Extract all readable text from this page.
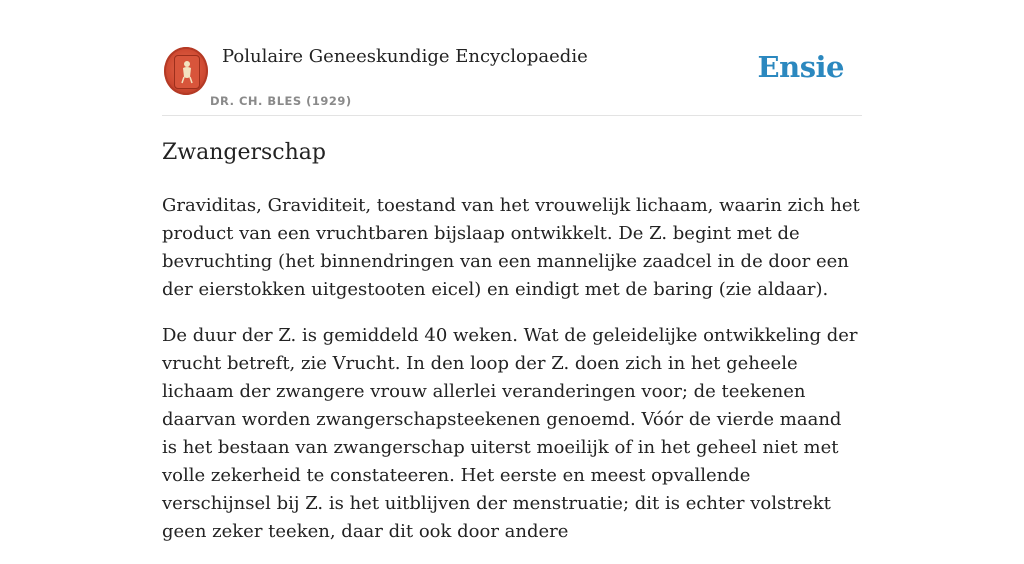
Polulaire Geneeskundige Encyclopaedie
DR. CH. BLES (1929)
Ensie
Zwangerschap

Graviditas, Graviditeit, toestand van het vrouwelijk lichaam, waarin zich het product van een vruchtbaren bijslaap ontwikkelt. De Z. begint met de bevruchting (het binnendringen van een mannelijke zaadcel in de door een der eierstokken uitgestooten eicel) en eindigt met de baring (zie aldaar).

De duur der Z. is gemiddeld 40 weken. Wat de geleidelijke ontwikkeling der vrucht betreft, zie Vrucht. In den loop der Z. doen zich in het geheele lichaam der zwangere vrouw allerlei veranderingen voor; de teekenen daarvan worden zwangerschapsteekenen genoemd. Vóór de vierde maand is het bestaan van zwangerschap uiterst moeilijk of in het geheel niet met volle zekerheid te constateeren. Het eerste en meest opvallende verschijnsel bij Z. is het uitblijven der menstruatie; dit is echter volstrekt geen zeker teeken, daar dit ook door andere
